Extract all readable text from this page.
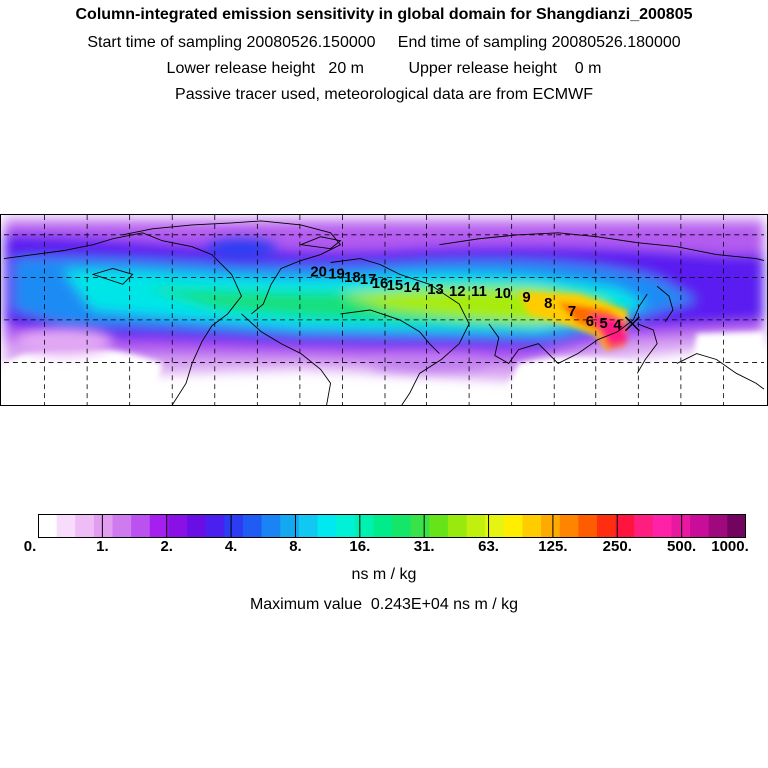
Column-integrated emission sensitivity in global domain for Shangdianzi_200805
Start time of sampling 20080526.150000     End time of sampling 20080526.180000
Lower release height   20 m          Upper release height    0 m
Passive tracer used, meteorological data are from ECMWF
20 19 18 17
16
15 14 13 12 11 10 9 8 7
6 5 4
0.	1.	2.	4.	8.	16.	31.	63.	125. 250. 500. 1000.
ns m / kg
Maximum value  0.243E+04 ns m / kg
